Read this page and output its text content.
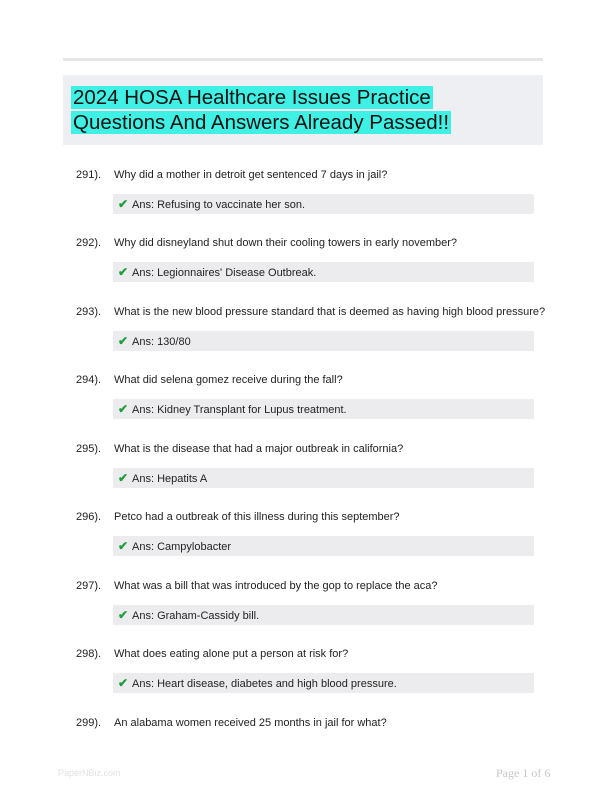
2024 HOSA Healthcare Issues Practice
Questions And Answers Already Passed!!
291). Why did a mother in detroit get sentenced 7 days in jail?
✔ Ans: Refusing to vaccinate her son.
292). Why did disneyland shut down their cooling towers in early november?
✔ Ans: Legionnaires' Disease Outbreak.
293). What is the new blood pressure standard that is deemed as having high blood pressure?
✔ Ans: 130/80
294). What did selena gomez receive during the fall?
✔ Ans: Kidney Transplant for Lupus treatment.
295). What is the disease that had a major outbreak in california?
✔ Ans: Hepatits A
296). Petco had a outbreak of this illness during this september?
✔ Ans: Campylobacter
297). What was a bill that was introduced by the gop to replace the aca?
✔ Ans: Graham-Cassidy bill.
298). What does eating alone put a person at risk for?
✔ Ans: Heart disease, diabetes and high blood pressure.
299). An alabama women received 25 months in jail for what?
PaperNBiz.com	Page 1 of 6
